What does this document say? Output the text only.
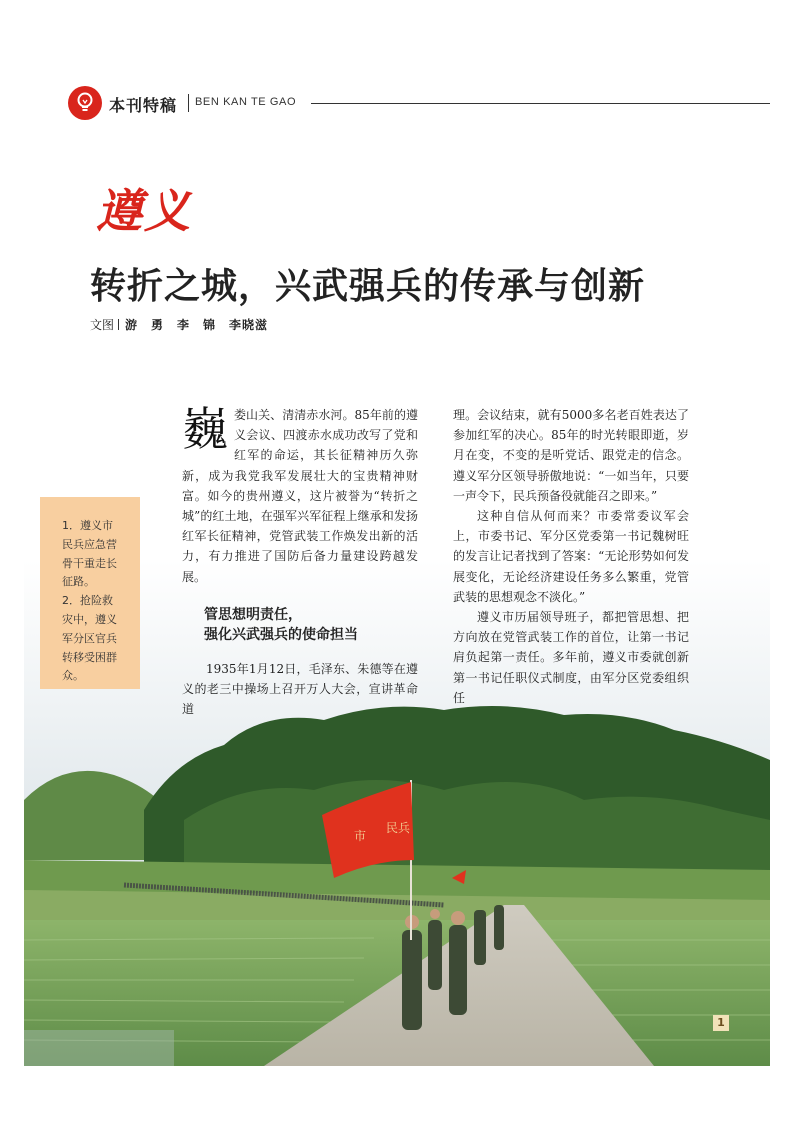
本刊特稿 BEN KAN TE GAO
遵义
转折之城，兴武强兵的传承与创新
文图 游　勇　李　锦　李晓滋
市
民兵
1．遵义市
民兵应急营
骨干重走长
征路。
2．抢险救
灾中，遵义
军分区官兵
转移受困群
众。

巍娄山关、清清赤水河。85年前的遵义会议、四渡赤水成功改写了党和红军的命运，其长征精神历久弥新，成为我党我军发展壮大的宝贵精神财富。如今的贵州遵义，这片被誉为“转折之城”的红土地，在强军兴军征程上继承和发扬红军长征精神，党管武装工作焕发出新的活力，有力推进了国防后备力量建设跨越发展。

管思想明责任，
强化兴武强兵的使命担当

1935年1月12日，毛泽东、朱德等在遵义的老三中操场上召开万人大会，宣讲革命道

理。会议结束，就有5000多名老百姓表达了参加红军的决心。85年的时光转眼即逝，岁月在变，不变的是听党话、跟党走的信念。遵义军分区领导骄傲地说：“一如当年，只要一声令下，民兵预备役就能召之即来。”

这种自信从何而来？市委常委议军会上，市委书记、军分区党委第一书记魏树旺的发言让记者找到了答案：“无论形势如何发展变化，无论经济建设任务多么繁重，党管武装的思想观念不淡化。”

遵义市历届领导班子，都把管思想、把方向放在党管武装工作的首位，让第一书记肩负起第一责任。多年前，遵义市委就创新第一书记任职仪式制度，由军分区党委组织任

1
